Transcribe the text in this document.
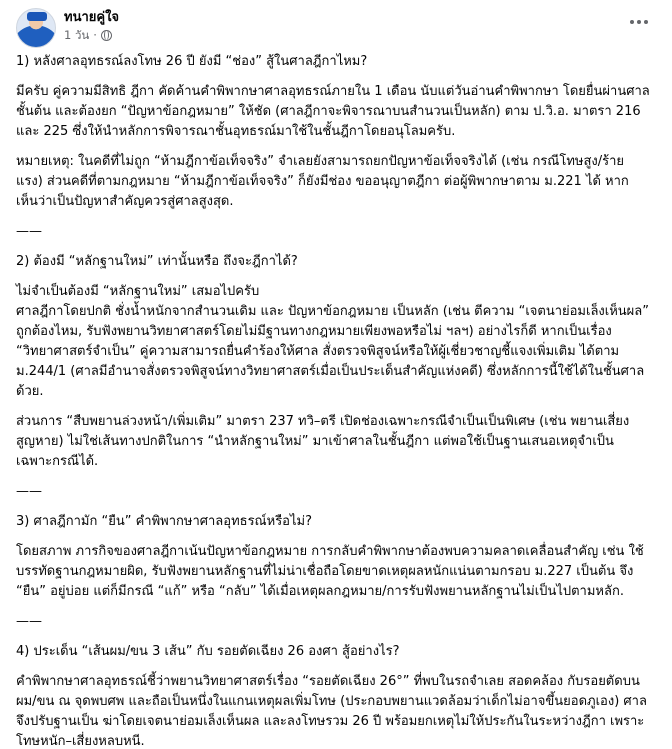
ทนายคู่ใจ
1 วัน ·

1) หลังศาลอุทธรณ์ลงโทษ 26 ปี ยังมี “ช่อง” สู้ในศาลฎีกาไหม?

มีครับ คู่ความมีสิทธิ ฎีกา คัดค้านคำพิพากษาศาลอุทธรณ์ภายใน 1 เดือน นับแต่วันอ่านคำพิพากษา โดยยื่นผ่านศาลชั้นต้น และต้องยก “ปัญหาข้อกฎหมาย” ให้ชัด (ศาลฎีกาจะพิจารณาบนสำนวนเป็นหลัก) ตาม ป.วิ.อ. มาตรา 216 และ 225 ซึ่งให้นำหลักการพิจารณาชั้นอุทธรณ์มาใช้ในชั้นฎีกาโดยอนุโลมครับ.

หมายเหตุ: ในคดีที่ไม่ถูก “ห้ามฎีกาข้อเท็จจริง” จำเลยยังสามารถยกปัญหาข้อเท็จจริงได้ (เช่น กรณีโทษสูง/ร้ายแรง) ส่วนคดีที่ตามกฎหมาย “ห้ามฎีกาข้อเท็จจริง” ก็ยังมีช่อง ขออนุญาตฎีกา ต่อผู้พิพากษาตาม ม.221 ได้ หากเห็นว่าเป็นปัญหาสำคัญควรสู่ศาลสูงสุด.

——

2) ต้องมี “หลักฐานใหม่” เท่านั้นหรือ ถึงจะฎีกาได้?

ไม่จำเป็นต้องมี “หลักฐานใหม่” เสมอไปครับ

ศาลฎีกาโดยปกติ ชั่งน้ำหนักจากสำนวนเดิม และ ปัญหาข้อกฎหมาย เป็นหลัก (เช่น ตีความ “เจตนาย่อมเล็งเห็นผล” ถูกต้องไหม, รับฟังพยานวิทยาศาสตร์โดยไม่มีฐานทางกฎหมายเพียงพอหรือไม่ ฯลฯ) อย่างไรก็ดี หากเป็นเรื่อง “วิทยาศาสตร์จำเป็น” คู่ความสามารถยื่นคำร้องให้ศาล สั่งตรวจพิสูจน์หรือให้ผู้เชี่ยวชาญชี้แจงเพิ่มเติม ได้ตาม ม.244/1 (ศาลมีอำนาจสั่งตรวจพิสูจน์ทางวิทยาศาสตร์เมื่อเป็นประเด็นสำคัญแห่งคดี) ซึ่งหลักการนี้ใช้ได้ในชั้นศาลด้วย.

ส่วนการ “สืบพยานล่วงหน้า/เพิ่มเติม” มาตรา 237 ทวิ–ตรี เปิดช่องเฉพาะกรณีจำเป็นเป็นพิเศษ (เช่น พยานเสี่ยงสูญหาย) ไม่ใช่เส้นทางปกติในการ “นำหลักฐานใหม่” มาเข้าศาลในชั้นฎีกา แต่พอใช้เป็นฐานเสนอเหตุจำเป็นเฉพาะกรณีได้.

——

3) ศาลฎีกามัก “ยืน” คำพิพากษาศาลอุทธรณ์หรือไม่?

โดยสภาพ ภารกิจของศาลฎีกาเน้นปัญหาข้อกฎหมาย การกลับคำพิพากษาต้องพบความคลาดเคลื่อนสำคัญ เช่น ใช้บรรทัดฐานกฎหมายผิด, รับฟังพยานหลักฐานที่ไม่น่าเชื่อถือโดยขาดเหตุผลหนักแน่นตามกรอบ ม.227 เป็นต้น จึง “ยืน” อยู่บ่อย แต่ก็มีกรณี “แก้” หรือ “กลับ” ได้เมื่อเหตุผลกฎหมาย/การรับฟังพยานหลักฐานไม่เป็นไปตามหลัก.

——

4) ประเด็น “เส้นผม/ขน 3 เส้น” กับ รอยตัดเฉียง 26 องศา สู้อย่างไร?

คำพิพากษาศาลอุทธรณ์ชี้ว่าพยานวิทยาศาสตร์เรื่อง “รอยตัดเฉียง 26°” ที่พบในรถจำเลย สอดคล้อง กับรอยตัดบนผม/ขน ณ จุดพบศพ และถือเป็นหนึ่งในแกนเหตุผลเพิ่มโทษ (ประกอบพยานแวดล้อมว่าเด็กไม่อาจขึ้นยอดภูเอง) ศาลจึงปรับฐานเป็น ฆ่าโดยเจตนาย่อมเล็งเห็นผล และลงโทษรวม 26 ปี พร้อมยกเหตุไม่ให้ประกันในระหว่างฎีกา เพราะโทษหนัก–เสี่ยงหลบหนี.
